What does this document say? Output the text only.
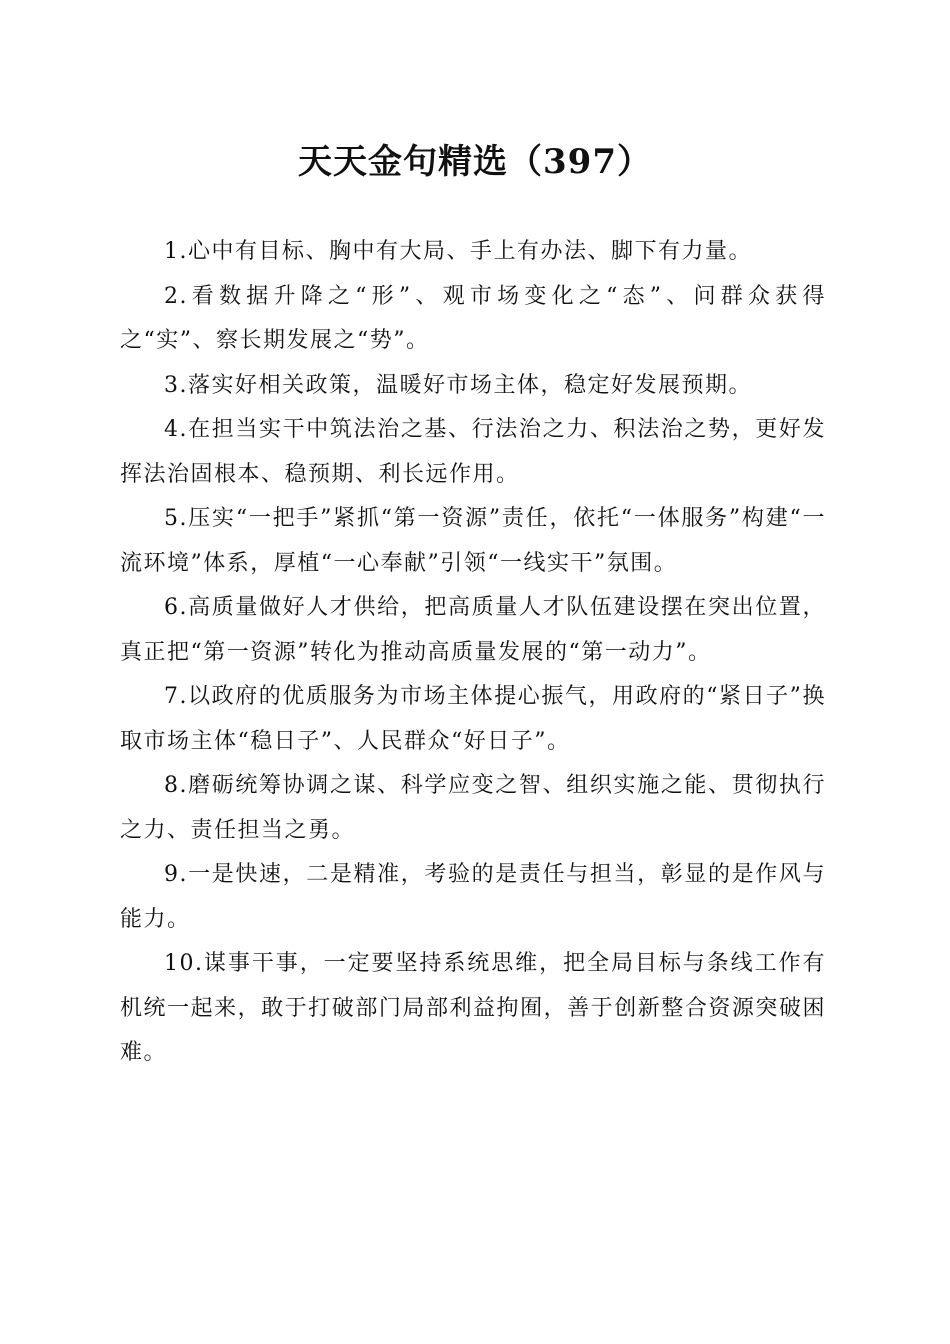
天天金句精选（397）

1.心中有目标、胸中有大局、手上有办法、脚下有力量。

2.看数据升降之“形”、观市场变化之“态”、问群众获得之“实”、察长期发展之“势”。

3.落实好相关政策，温暖好市场主体，稳定好发展预期。

4.在担当实干中筑法治之基、行法治之力、积法治之势，更好发挥法治固根本、稳预期、利长远作用。

5.压实“一把手”紧抓“第一资源”责任，依托“一体服务”构建“一流环境”体系，厚植“一心奉献”引领“一线实干”氛围。

6.高质量做好人才供给，把高质量人才队伍建设摆在突出位置，真正把“第一资源”转化为推动高质量发展的“第一动力”。

7.以政府的优质服务为市场主体提心振气，用政府的“紧日子”换取市场主体“稳日子”、人民群众“好日子”。

8.磨砺统筹协调之谋、科学应变之智、组织实施之能、贯彻执行之力、责任担当之勇。

9.一是快速，二是精准，考验的是责任与担当，彰显的是作风与能力。

10.谋事干事，一定要坚持系统思维，把全局目标与条线工作有机统一起来，敢于打破部门局部利益拘囿，善于创新整合资源突破困难。
